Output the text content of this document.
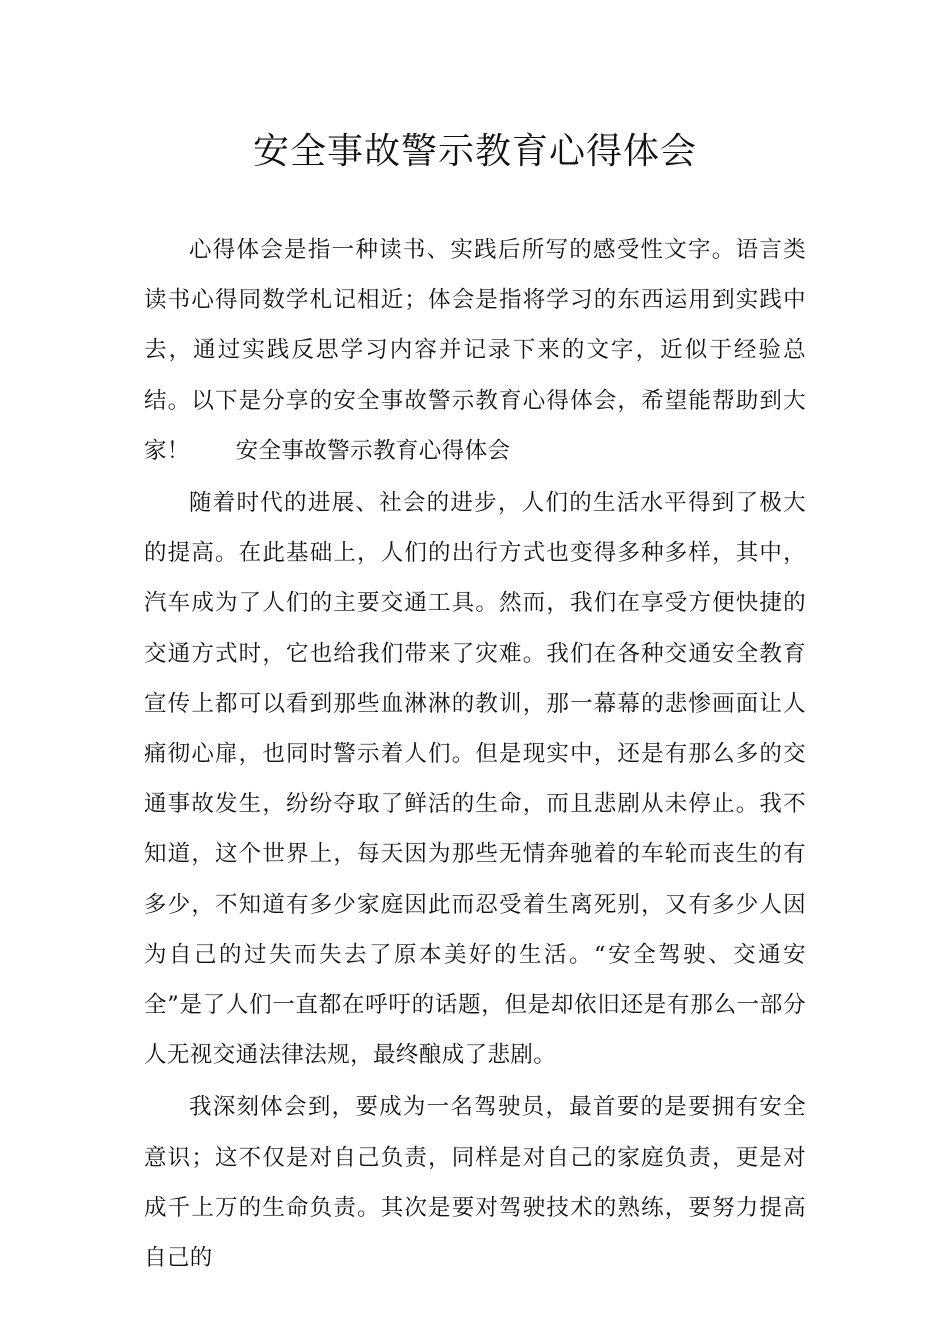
安全事故警示教育心得体会

心得体会是指一种读书、实践后所写的感受性文字。语言类读书心得同数学札记相近；体会是指将学习的东西运用到实践中去，通过实践反思学习内容并记录下来的文字，近似于经验总结。以下是分享的安全事故警示教育心得体会，希望能帮助到大家！　　安全事故警示教育心得体会

随着时代的进展、社会的进步，人们的生活水平得到了极大的提高。在此基础上，人们的出行方式也变得多种多样，其中，汽车成为了人们的主要交通工具。然而，我们在享受方便快捷的交通方式时，它也给我们带来了灾难。我们在各种交通安全教育宣传上都可以看到那些血淋淋的教训，那一幕幕的悲惨画面让人痛彻心扉，也同时警示着人们。但是现实中，还是有那么多的交通事故发生，纷纷夺取了鲜活的生命，而且悲剧从未停止。我不知道，这个世界上，每天因为那些无情奔驰着的车轮而丧生的有多少，不知道有多少家庭因此而忍受着生离死别，又有多少人因为自己的过失而失去了原本美好的生活。“安全驾驶、交通安全”是了人们一直都在呼吁的话题，但是却依旧还是有那么一部分人无视交通法律法规，最终酿成了悲剧。

我深刻体会到，要成为一名驾驶员，最首要的是要拥有安全意识；这不仅是对自己负责，同样是对自己的家庭负责，更是对成千上万的生命负责。其次是要对驾驶技术的熟练，要努力提高自己的
